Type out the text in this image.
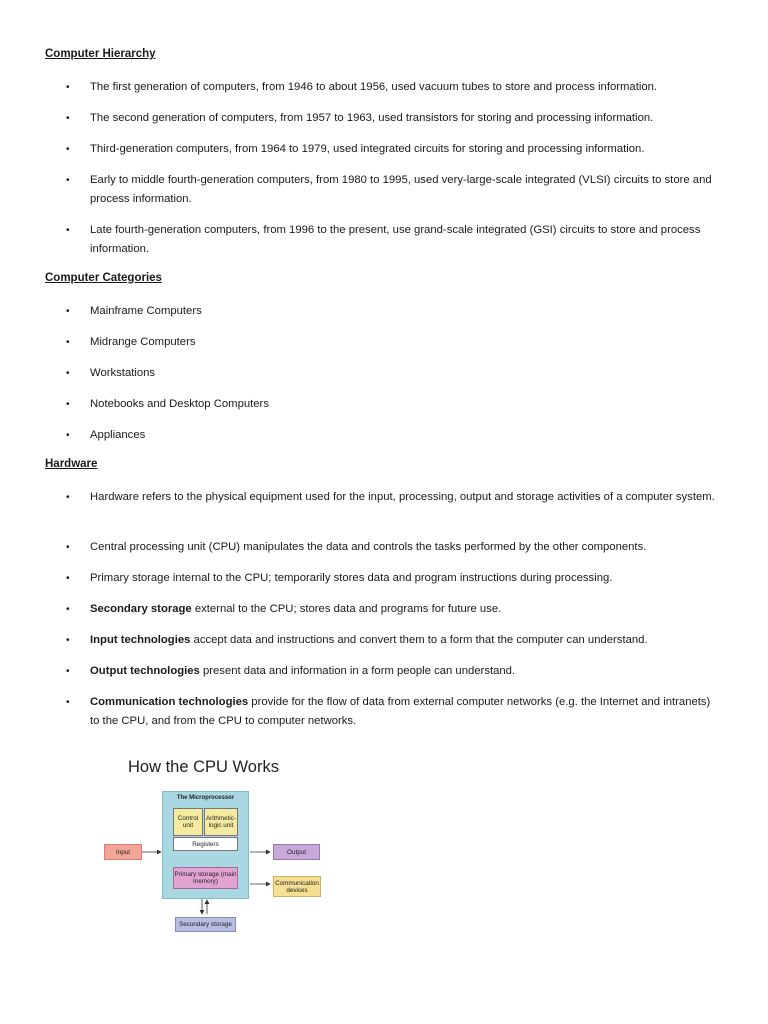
Computer Hierarchy
• The first generation of computers, from 1946 to about 1956, used vacuum tubes to store and process information.
• The second generation of computers, from 1957 to 1963, used transistors for storing and processing information.
• Third-generation computers, from 1964 to 1979, used integrated circuits for storing and processing information.
• Early to middle fourth-generation computers, from 1980 to 1995, used very-large-scale integrated (VLSI) circuits to store and process information.
• Late fourth-generation computers, from 1996 to the present, use grand-scale integrated (GSI) circuits to store and process information.
Computer Categories
• Mainframe Computers
• Midrange Computers
• Workstations
• Notebooks and Desktop Computers
• Appliances
Hardware
• Hardware refers to the physical equipment used for the input, processing, output and storage activities of a computer system.
• Central processing unit (CPU) manipulates the data and controls the tasks performed by the other components.
• Primary storage internal to the CPU; temporarily stores data and program instructions during processing.
• Secondary storage external to the CPU; stores data and programs for future use.
• Input technologies accept data and instructions and convert them to a form that the computer can understand.
• Output technologies present data and information in a form people can understand.
• Communication technologies provide for the flow of data from external computer networks (e.g. the Internet and intranets) to the CPU, and from the CPU to computer networks.
How the CPU Works
The Microprocessor
Control unit
Arithmetic-logic unit
Registers
Primary storage (main memory)
Input	Output
Communication devices
Secondary storage
